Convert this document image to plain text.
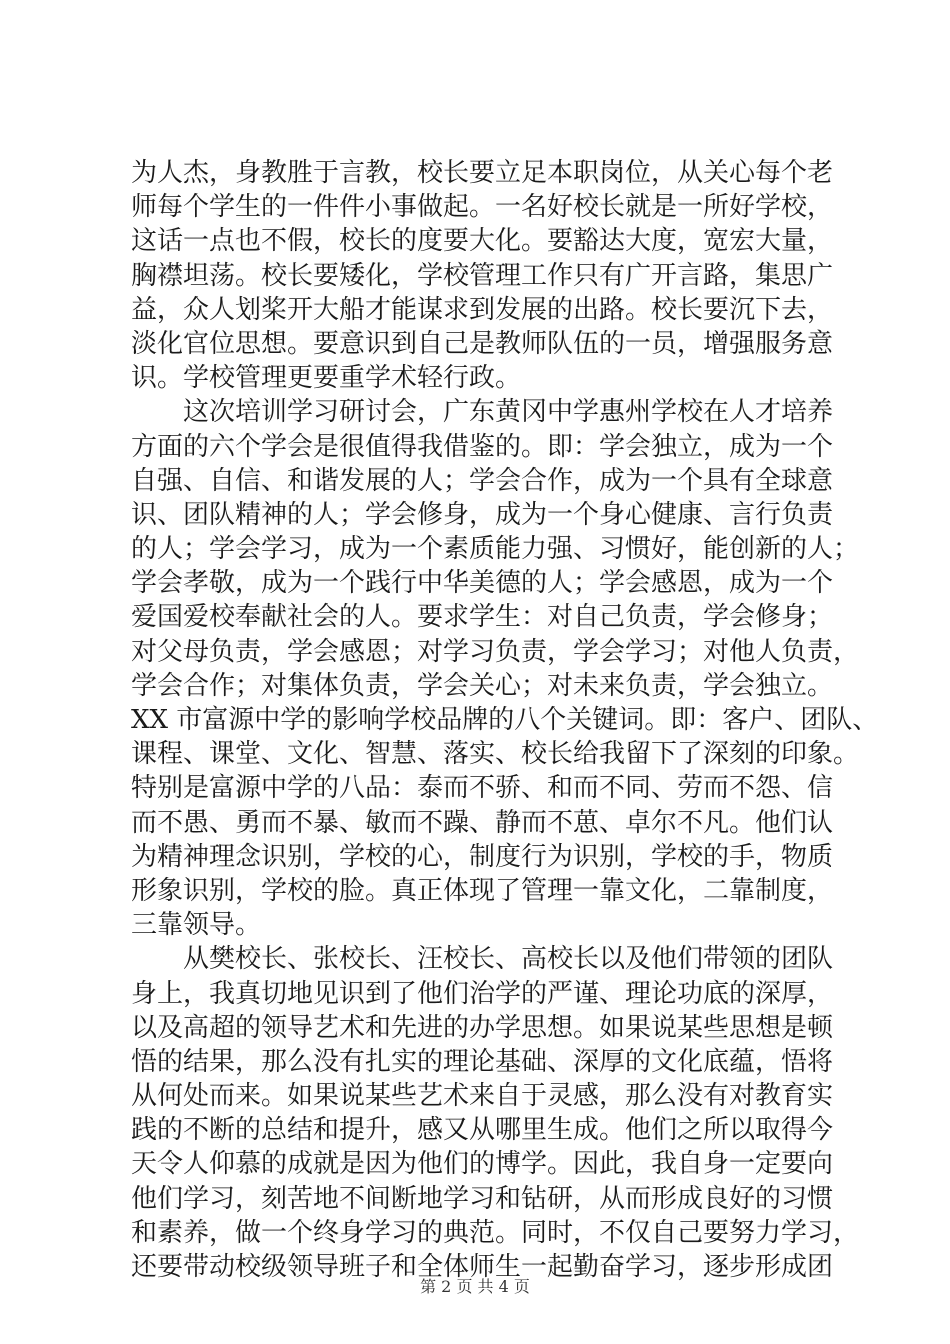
为人杰，身教胜于言教，校长要立足本职岗位，从关心每个老
师每个学生的一件件小事做起。一名好校长就是一所好学校，
这话一点也不假，校长的度要大化。要豁达大度，宽宏大量，
胸襟坦荡。校长要矮化，学校管理工作只有广开言路，集思广
益，众人划桨开大船才能谋求到发展的出路。校长要沉下去，
淡化官位思想。要意识到自己是教师队伍的一员，增强服务意
识。学校管理更要重学术轻行政。
这次培训学习研讨会，广东黄冈中学惠州学校在人才培养
方面的六个学会是很值得我借鉴的。即：学会独立，成为一个
自强、自信、和谐发展的人；学会合作，成为一个具有全球意
识、团队精神的人；学会修身，成为一个身心健康、言行负责
的人；学会学习，成为一个素质能力强、习惯好，能创新的人；
学会孝敬，成为一个践行中华美德的人；学会感恩，成为一个
爱国爱校奉献社会的人。要求学生：对自己负责，学会修身；
对父母负责，学会感恩；对学习负责，学会学习；对他人负责，
学会合作；对集体负责，学会关心；对未来负责，学会独立。
XX 市富源中学的影响学校品牌的八个关键词。即：客户、团队、
课程、课堂、文化、智慧、落实、校长给我留下了深刻的印象。
特别是富源中学的八品：泰而不骄、和而不同、劳而不怨、信
而不愚、勇而不暴、敏而不躁、静而不葸、卓尔不凡。他们认
为精神理念识别，学校的心，制度行为识别，学校的手，物质
形象识别，学校的脸。真正体现了管理一靠文化，二靠制度，
三靠领导。
从樊校长、张校长、汪校长、高校长以及他们带领的团队
身上，我真切地见识到了他们治学的严谨、理论功底的深厚，
以及高超的领导艺术和先进的办学思想。如果说某些思想是顿
悟的结果，那么没有扎实的理论基础、深厚的文化底蕴，悟将
从何处而来。如果说某些艺术来自于灵感，那么没有对教育实
践的不断的总结和提升，感又从哪里生成。他们之所以取得今
天令人仰慕的成就是因为他们的博学。因此，我自身一定要向
他们学习，刻苦地不间断地学习和钻研，从而形成良好的习惯
和素养，做一个终身学习的典范。同时，不仅自己要努力学习，
还要带动校级领导班子和全体师生一起勤奋学习，逐步形成团
第 2 页 共 4 页
